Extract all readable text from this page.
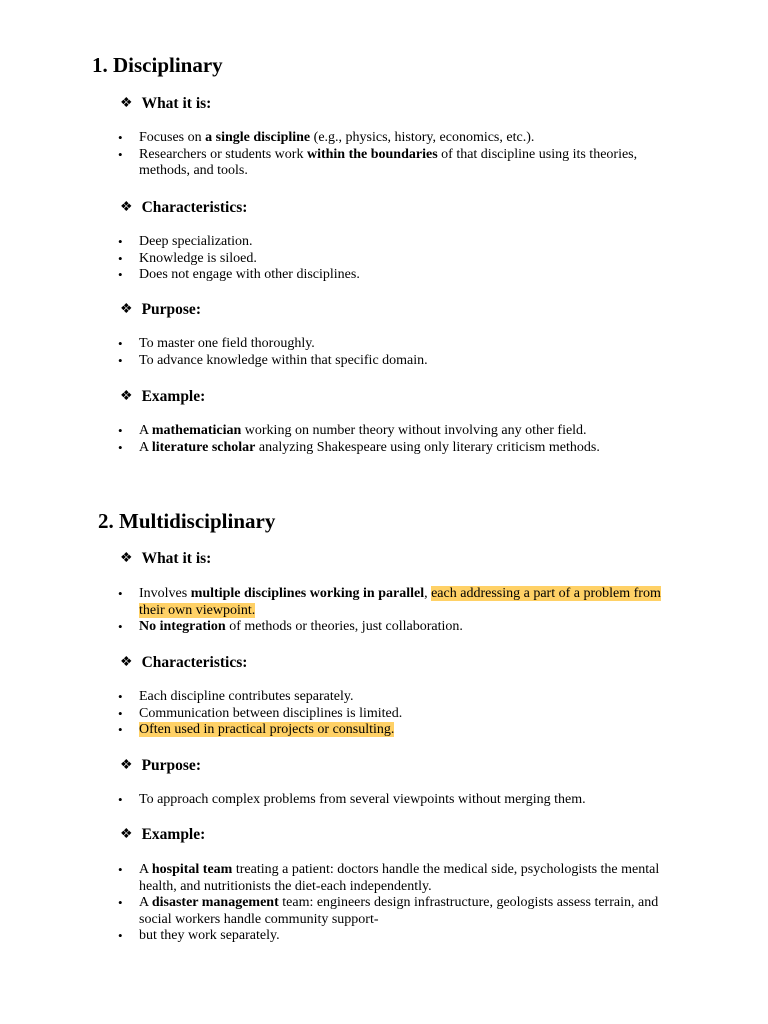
1. Disciplinary
❖ What it is:
• Focuses on a single discipline (e.g., physics, history, economics, etc.).
• Researchers or students work within the boundaries of that discipline using its theories, methods, and tools.
❖ Characteristics:
• Deep specialization.
• Knowledge is siloed.
• Does not engage with other disciplines.
❖ Purpose:
• To master one field thoroughly.
• To advance knowledge within that specific domain.
❖ Example:
• A mathematician working on number theory without involving any other field.
• A literature scholar analyzing Shakespeare using only literary criticism methods.
2. Multidisciplinary
❖ What it is:
• Involves multiple disciplines working in parallel, each addressing a part of a problem from their own viewpoint.
• No integration of methods or theories, just collaboration.
❖ Characteristics:
• Each discipline contributes separately.
• Communication between disciplines is limited.
• Often used in practical projects or consulting.
❖ Purpose:
• To approach complex problems from several viewpoints without merging them.
❖ Example:
• A hospital team treating a patient: doctors handle the medical side, psychologists the mental health, and nutritionists the diet-each independently.
• A disaster management team: engineers design infrastructure, geologists assess terrain, and social workers handle community support-
• but they work separately.
